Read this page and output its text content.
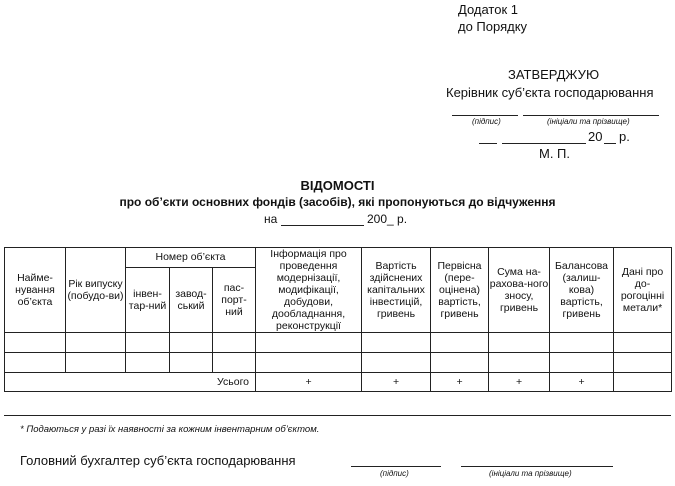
Додаток 1
до Порядку
ЗАТВЕРДЖУЮ
Керівник суб’єкта господарювання
(підпис)	(ініціали та прізвище)
20 р.
М. П.
ВІДОМОСТІ
про об’єкти основних фондів (засобів), які пропонуються до відчуження
на	200_ р.
Найме-нування об’єкта	Рік випуску (побудо-ви)	Номер об’єкта			Інформація про проведення модернізації, модифікації, добудови, дообладнання, реконструкції	Вартість здійснених капітальних інвестицій, гривень	Первісна (пере-оцінена) вартість, гривень	Сума на-рахова-ного зносу, гривень	Балансова (залиш-кова) вартість, гривень	Дані про до-рогоцінні метали*
		інвен-тар-ний	завод-ський	пас-порт-ний						

Усього					+	+	+	+	+	
* Подаються у разі їх наявності за кожним інвентарним об’єктом.
Головний бухгалтер суб’єкта господарювання
(підпис)	(ініціали та прізвище)
